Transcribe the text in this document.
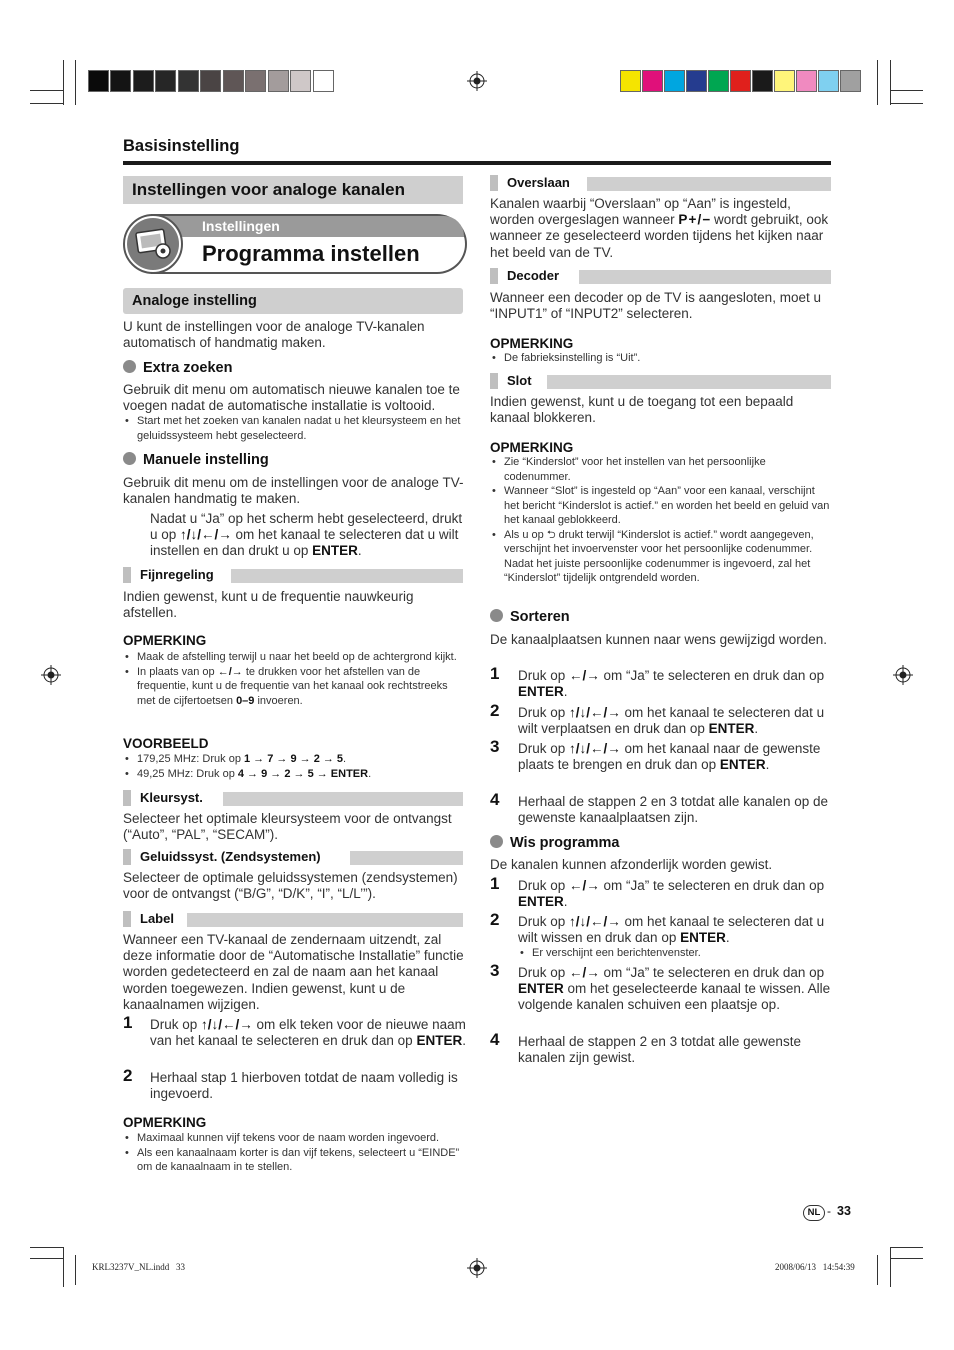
Basisinstelling
Instellingen voor analoge kanalen
Instellingen
Programma instellen
Analoge instelling
U kunt de instellingen voor de analoge TV-kanalen automatisch of handmatig maken.
Extra zoeken
Gebruik dit menu om automatisch nieuwe kanalen toe te voegen nadat de automatische installatie is voltooid.
• Start met het zoeken van kanalen nadat u het kleursysteem en het geluidssysteem hebt geselecteerd.
Manuele instelling
Gebruik dit menu om de instellingen voor de analoge TV-kanalen handmatig te maken.
Nadat u “Ja” op het scherm hebt geselecteerd, drukt u op ↑/↓/←/→ om het kanaal te selecteren dat u wilt instellen en dan drukt u op ENTER.
Fijnregeling
Indien gewenst, kunt u de frequentie nauwkeurig afstellen.
OPMERKING
• Maak de afstelling terwijl u naar het beeld op de achtergrond kijkt.
• In plaats van op ←/→ te drukken voor het afstellen van de frequentie, kunt u de frequentie van het kanaal ook rechtstreeks met de cijfertoetsen 0–9 invoeren.
VOORBEELD
• 179,25 MHz: Druk op 1 → 7 → 9 → 2 → 5.
• 49,25 MHz: Druk op 4 → 9 → 2 → 5 → ENTER.
Kleursyst.
Selecteer het optimale kleursysteem voor de ontvangst (“Auto”, “PAL”, “SECAM”).
Geluidssyst. (Zendsystemen)
Selecteer de optimale geluidssystemen (zendsystemen) voor de ontvangst (“B/G”, “D/K”, “I”, “L/L’”).
Label
Wanneer een TV-kanaal de zendernaam uitzendt, zal deze informatie door de “Automatische Installatie” functie worden gedetecteerd en zal de naam aan het kanaal worden toegewezen. Indien gewenst, kunt u de kanaalnamen wijzigen.
1 Druk op ↑/↓/←/→ om elk teken voor de nieuwe naam van het kanaal te selecteren en druk dan op ENTER.
2 Herhaal stap 1 hierboven totdat de naam volledig is ingevoerd.
OPMERKING
• Maximaal kunnen vijf tekens voor de naam worden ingevoerd.
• Als een kanaalnaam korter is dan vijf tekens, selecteert u “EINDE” om de kanaalnaam in te stellen.
Overslaan
Kanalen waarbij “Overslaan” op “Aan” is ingesteld, worden overgeslagen wanneer P + / − wordt gebruikt, ook wanneer ze geselecteerd worden tijdens het kijken naar het beeld van de TV.
Decoder
Wanneer een decoder op de TV is aangesloten, moet u “INPUT1” of “INPUT2” selecteren.
OPMERKING
• De fabrieksinstelling is “Uit”.
Slot
Indien gewenst, kunt u de toegang tot een bepaald kanaal blokkeren.
OPMERKING
• Zie “Kinderslot” voor het instellen van het persoonlijke codenummer.
• Wanneer “Slot” is ingesteld op “Aan” voor een kanaal, verschijnt het bericht “Kinderslot is actief.” en worden het beeld en geluid van het kanaal geblokkeerd.
• Als u op ⮌ drukt terwijl “Kinderslot is actief.” wordt aangegeven, verschijnt het invoervenster voor het persoonlijke codenummer. Nadat het juiste persoonlijke codenummer is ingevoerd, zal het “Kinderslot” tijdelijk ontgrendeld worden.
Sorteren
De kanaalplaatsen kunnen naar wens gewijzigd worden.
1 Druk op ←/→ om “Ja” te selecteren en druk dan op ENTER.
2 Druk op ↑/↓/←/→ om het kanaal te selecteren dat u wilt verplaatsen en druk dan op ENTER.
3 Druk op ↑/↓/←/→ om het kanaal naar de gewenste plaats te brengen en druk dan op ENTER.
4 Herhaal de stappen 2 en 3 totdat alle kanalen op de gewenste kanaalplaatsen zijn.
Wis programma
De kanalen kunnen afzonderlijk worden gewist.
1 Druk op ←/→ om “Ja” te selecteren en druk dan op ENTER.
2 Druk op ↑/↓/←/→ om het kanaal te selecteren dat u wilt wissen en druk dan op ENTER.
• Er verschijnt een berichtenvenster.
3 Druk op ←/→ om “Ja” te selecteren en druk dan op ENTER om het geselecteerde kanaal te wissen. Alle volgende kanalen schuiven een plaatsje op.
4 Herhaal de stappen 2 en 3 totdat alle gewenste kanalen zijn gewist.
NL - 33
KRL3237V_NL.indd   33	2008/06/13   14:54:39
